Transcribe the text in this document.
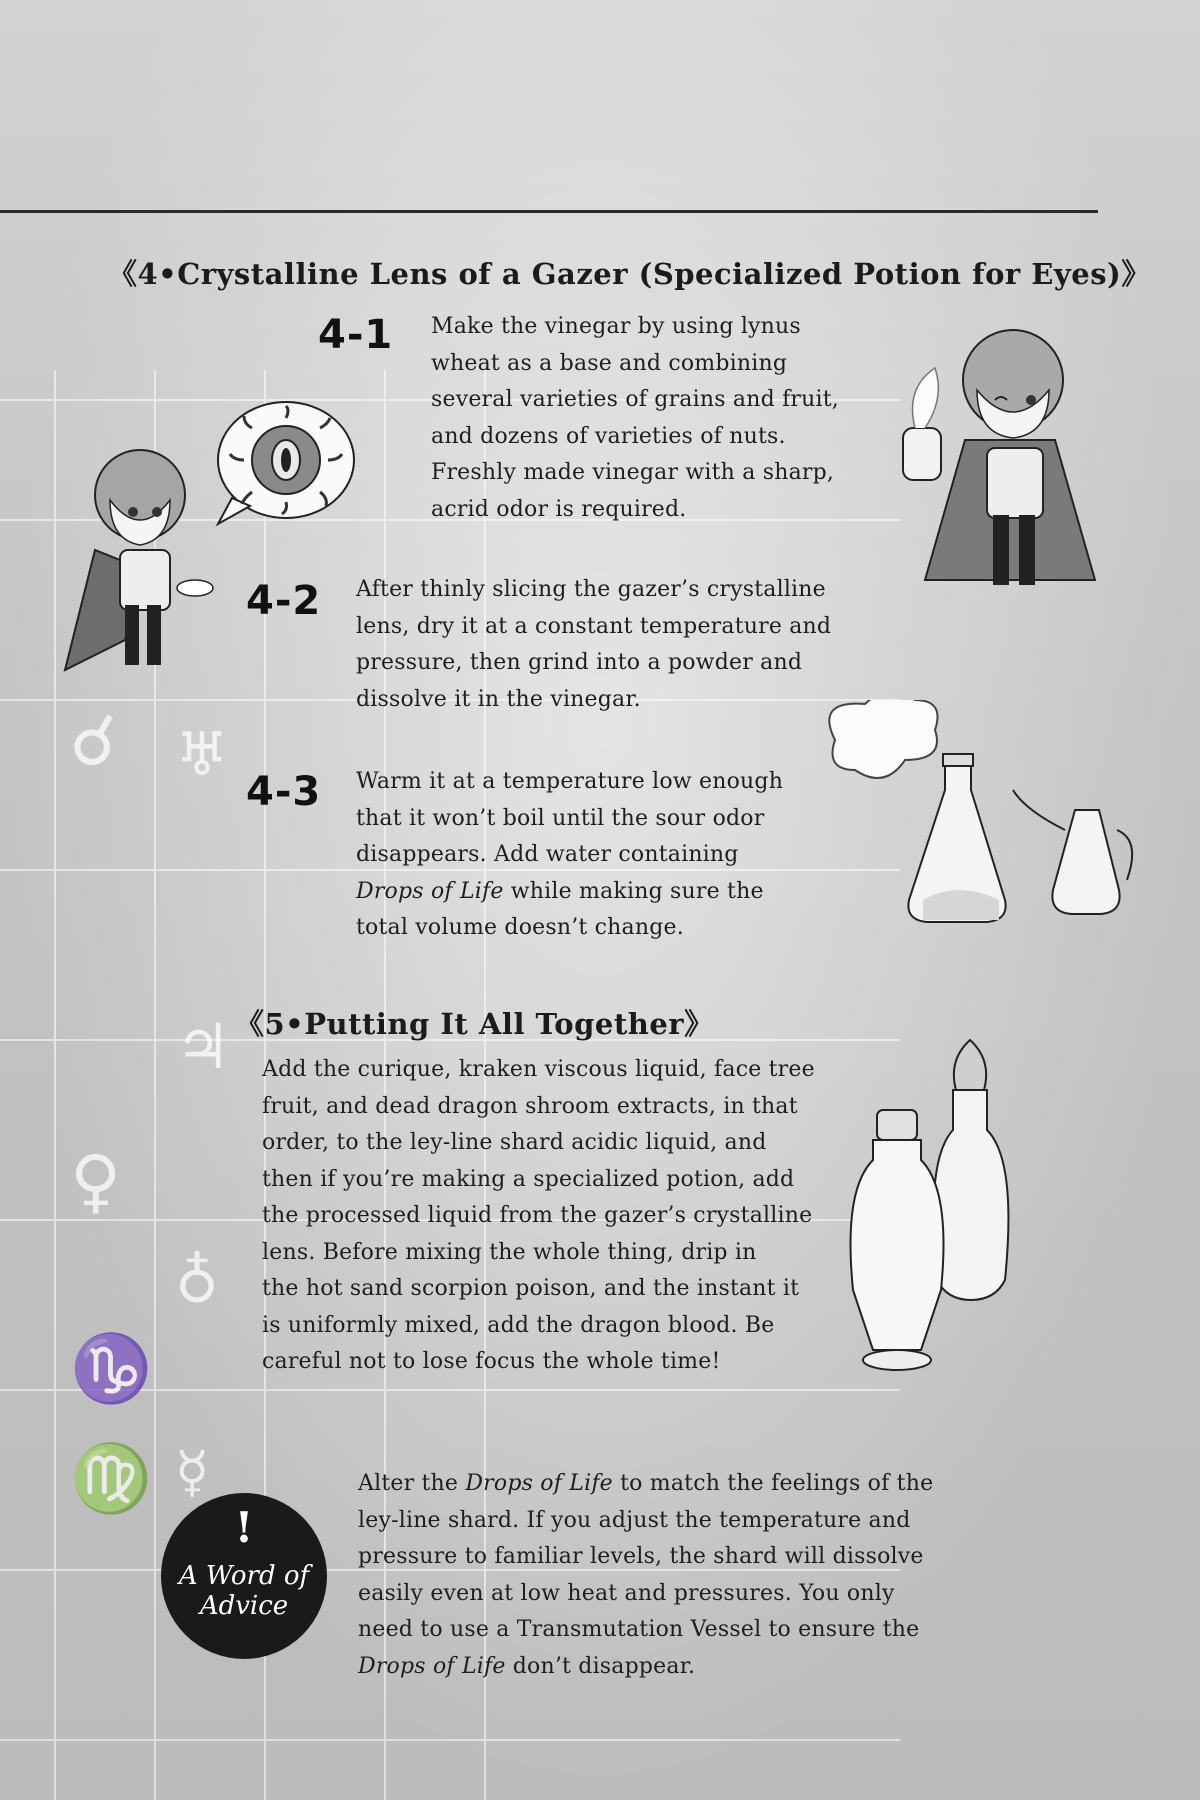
☌ ♅
♀
♁
♑
♍
♃
☿
《4•Crystalline Lens of a Gazer (Specialized Potion for Eyes)》
4-1 Make the vinegar by using lynus
wheat as a base and combining
several varieties of grains and fruit,
and dozens of varieties of nuts.
Freshly made vinegar with a sharp,
acrid odor is required.
4-2 After thinly slicing the gazer’s crystalline
lens, dry it at a constant temperature and
pressure, then grind into a powder and
dissolve it in the vinegar.
4-3 Warm it at a temperature low enough
that it won’t boil until the sour odor
disappears. Add water containing
Drops of Life while making sure the
total volume doesn’t change.
《5•Putting It All Together》
Add the curique, kraken viscous liquid, face tree
fruit, and dead dragon shroom extracts, in that
order, to the ley-line shard acidic liquid, and
then if you’re making a specialized potion, add
the processed liquid from the gazer’s crystalline
lens. Before mixing the whole thing, drip in
the hot sand scorpion poison, and the instant it
is uniformly mixed, add the dragon blood. Be
careful not to lose focus the whole time!
!
A Word of
Advice
Alter the Drops of Life to match the feelings of the
ley-line shard. If you adjust the temperature and
pressure to familiar levels, the shard will dissolve
easily even at low heat and pressures. You only
need to use a Transmutation Vessel to ensure the
Drops of Life don’t disappear.
